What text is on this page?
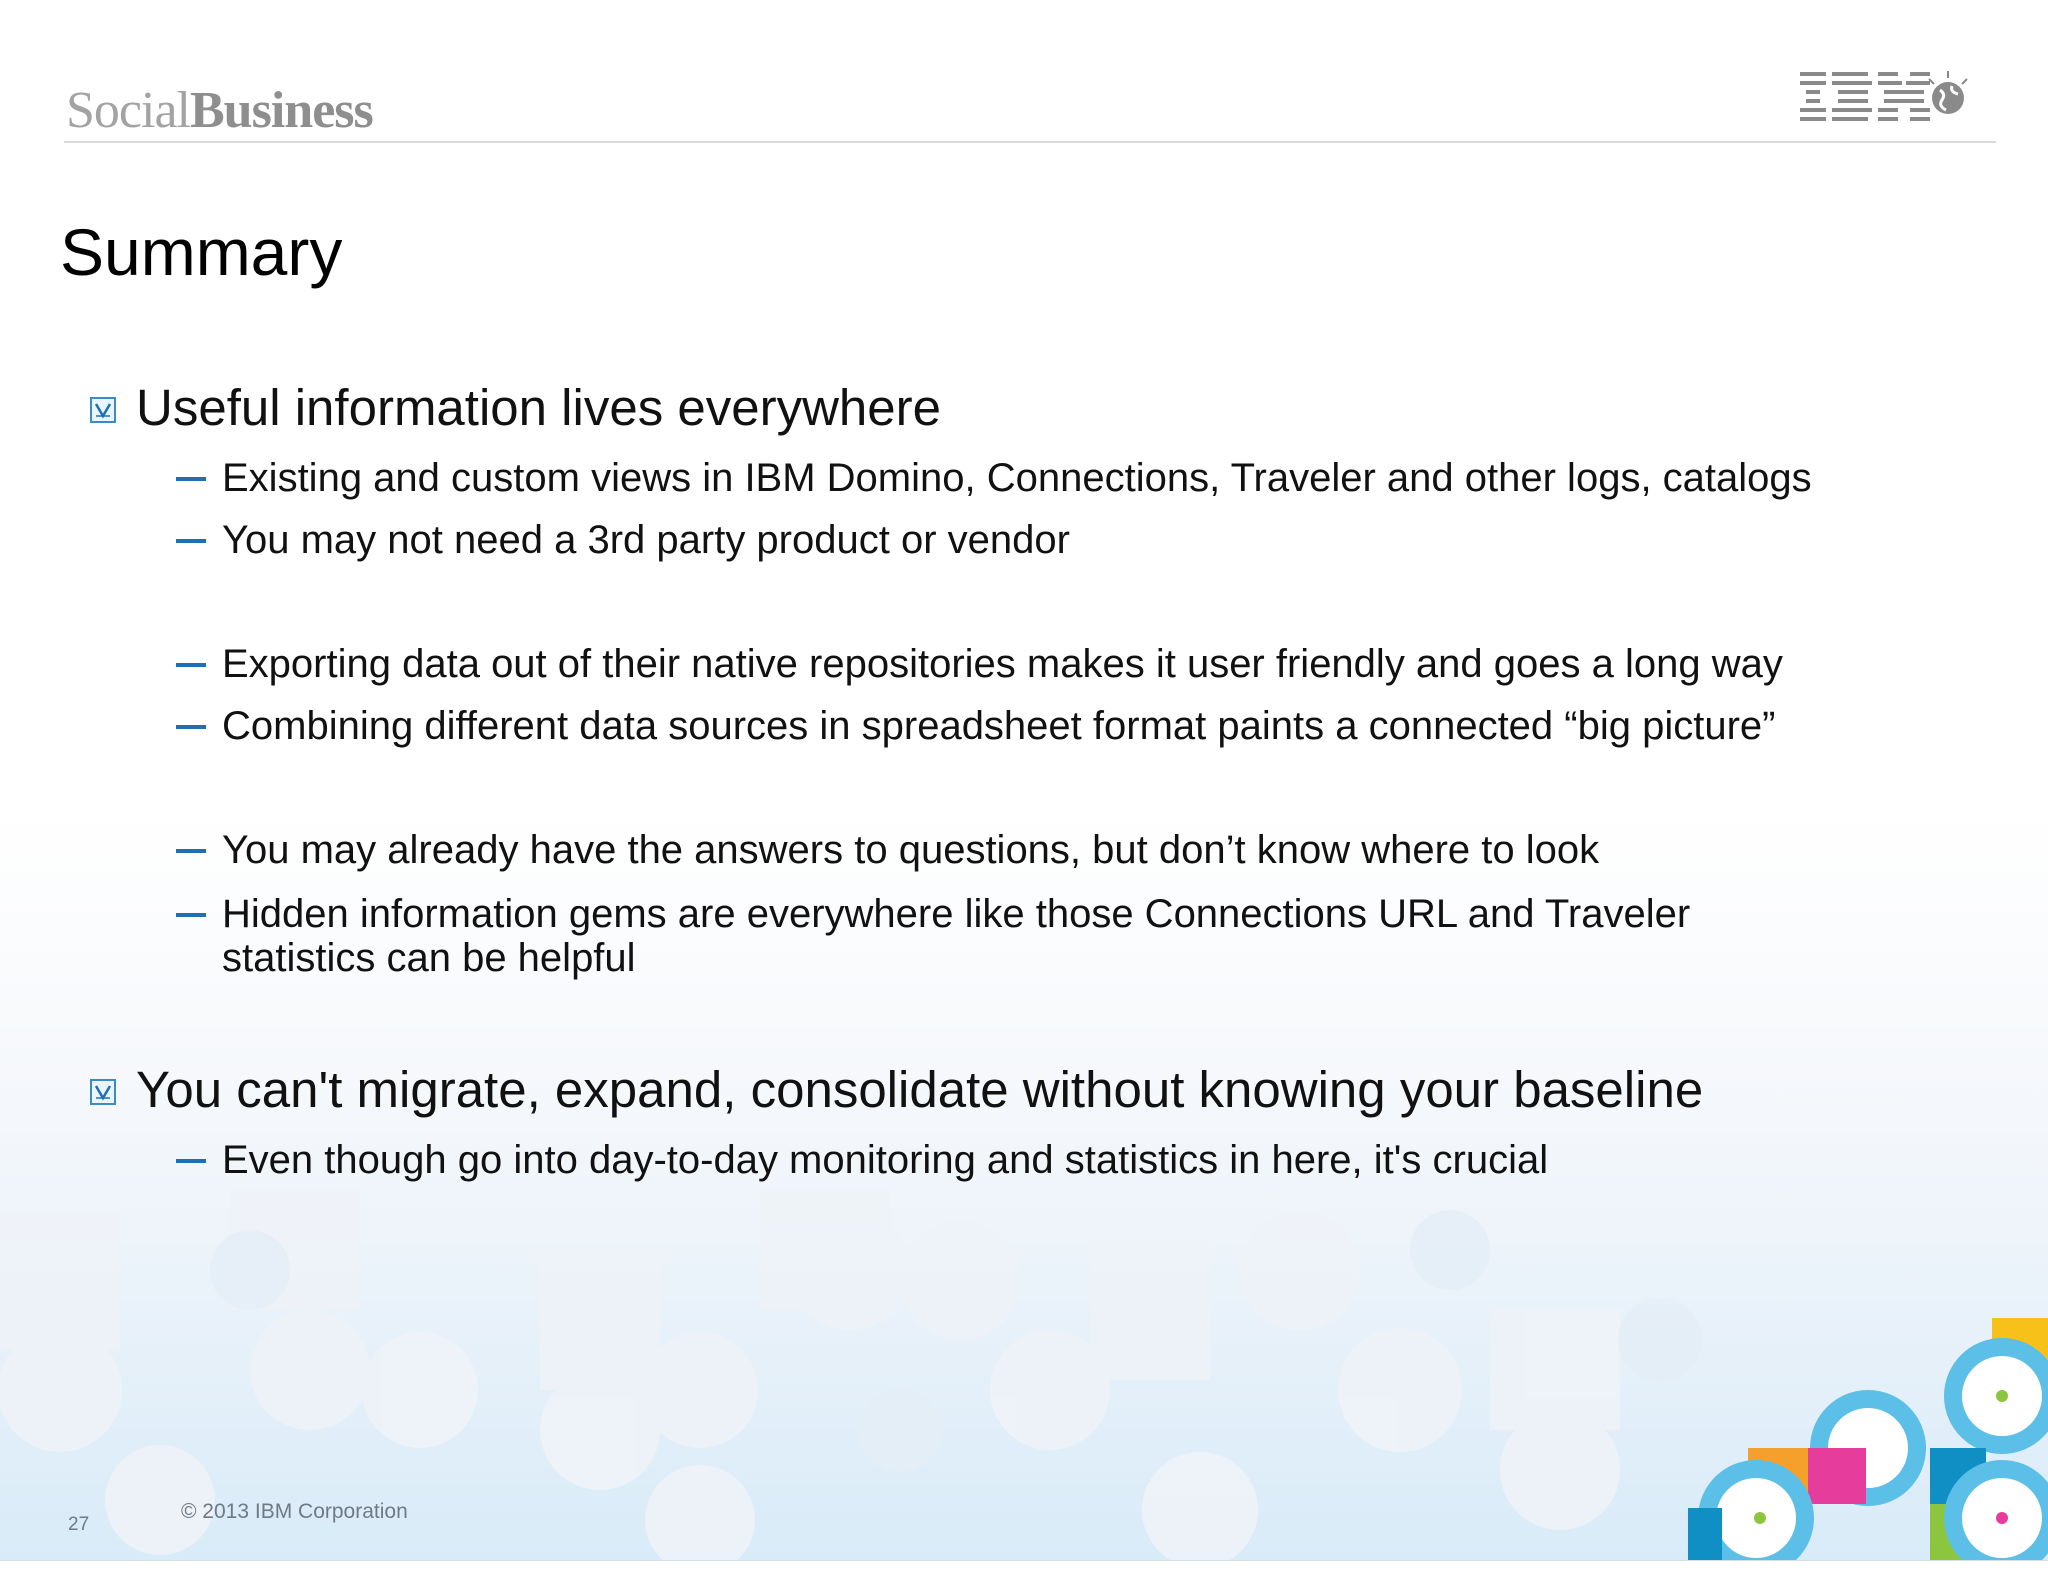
SocialBusiness
Summary
Useful information lives everywhere
Existing and custom views in IBM Domino, Connections, Traveler and other logs, catalogs
You may not need a 3rd party product or vendor
Exporting data out of their native repositories makes it user friendly and goes a long way
Combining different data sources in spreadsheet format paints a connected “big picture”
You may already have the answers to questions, but don’t know where to look
Hidden information gems are everywhere like those Connections URL and Traveler statistics can be helpful
You can't migrate, expand, consolidate without knowing your baseline
Even though go into day-to-day monitoring and statistics in here, it's crucial
27
© 2013 IBM Corporation
